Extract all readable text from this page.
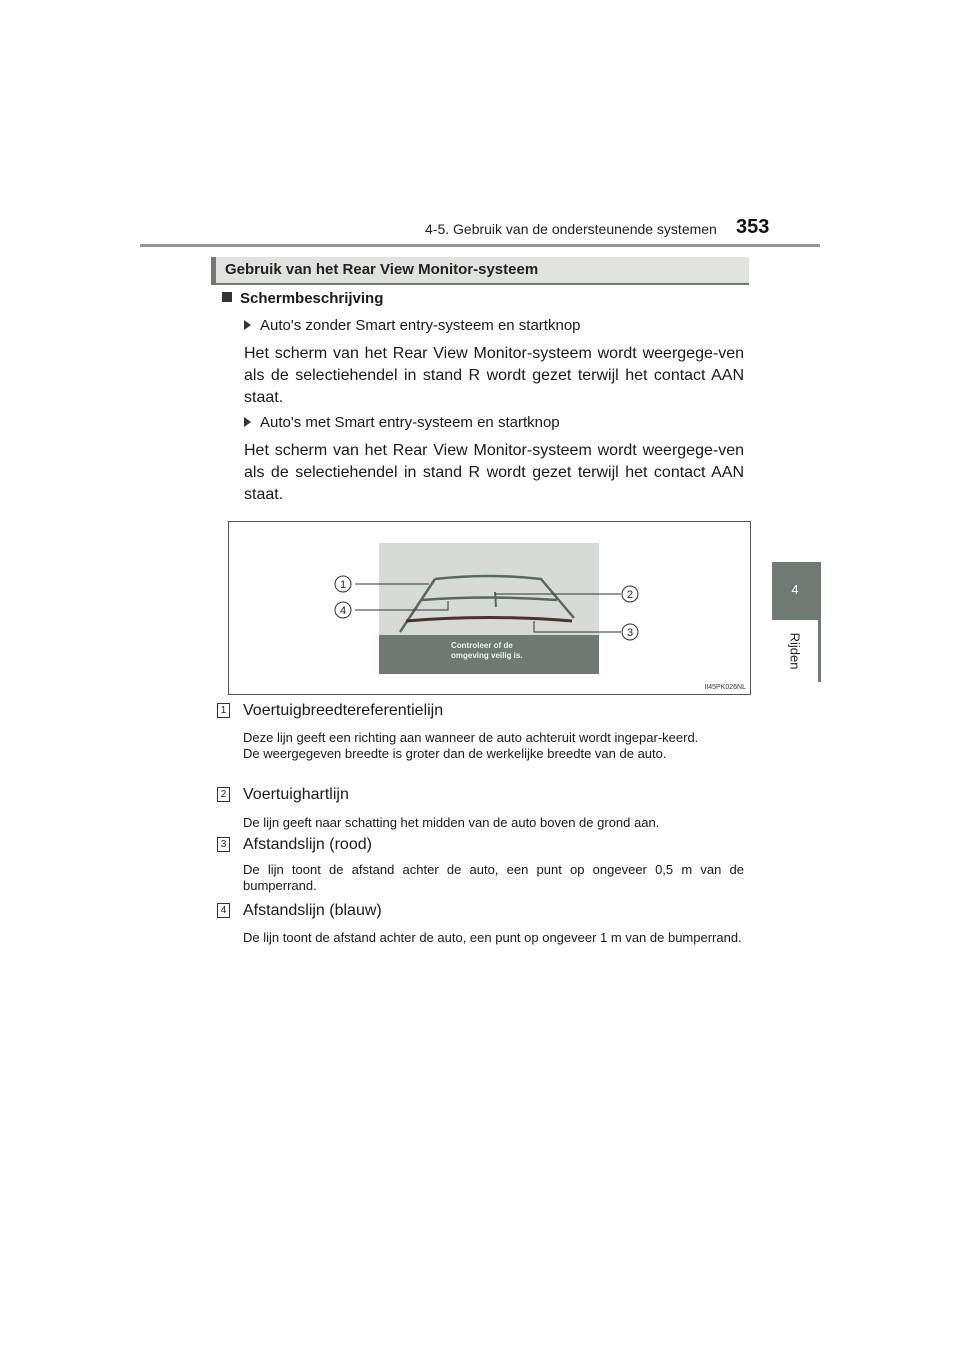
4-5. Gebruik van de ondersteunende systemen 353
4
Rijden
Gebruik van het Rear View Monitor-systeem
Schermbeschrijving
Auto's zonder Smart entry-systeem en startknop
Het scherm van het Rear View Monitor-systeem wordt weergege-ven als de selectiehendel in stand R wordt gezet terwijl het contact AAN staat.
Auto's met Smart entry-systeem en startknop
Het scherm van het Rear View Monitor-systeem wordt weergege-ven als de selectiehendel in stand R wordt gezet terwijl het contact AAN staat.
Controleer of de
omgeving veilig is.
1
4
2
3
II45PK026NL
1 Voertuigbreedtereferentielijn
Deze lijn geeft een richting aan wanneer de auto achteruit wordt ingepar-keerd.
De weergegeven breedte is groter dan de werkelijke breedte van de auto.
2 Voertuighartlijn
De lijn geeft naar schatting het midden van de auto boven de grond aan.
3 Afstandslijn (rood)
De lijn toont de afstand achter de auto, een punt op ongeveer 0,5 m van de bumperrand.
4 Afstandslijn (blauw)
De lijn toont de afstand achter de auto, een punt op ongeveer 1 m van de bumperrand.
